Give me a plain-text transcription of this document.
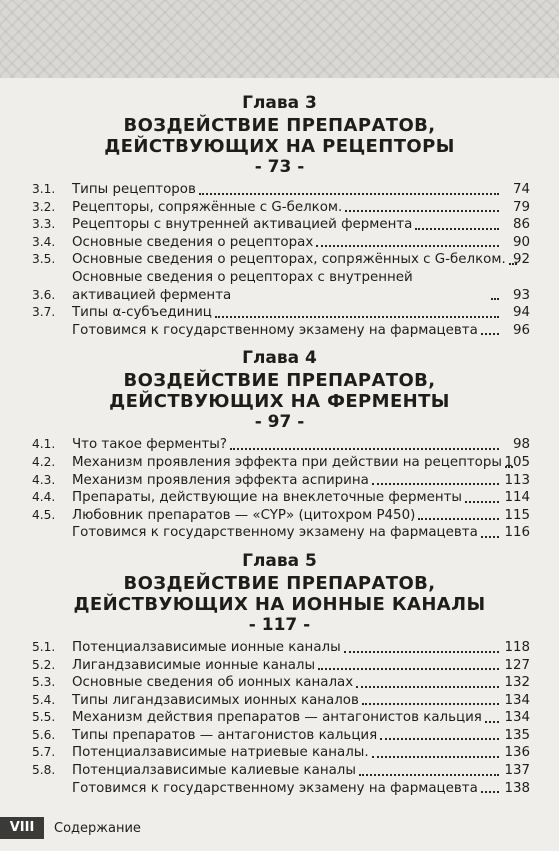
Глава 3
ВОЗДЕЙСТВИЕ ПРЕПАРАТОВ,
ДЕЙСТВУЮЩИХ НА РЕЦЕПТОРЫ
- 73 -
3.1.	Типы рецепторов	74
3.2.	Рецепторы, сопряжённые с G-белком.	79
3.3.	Рецепторы с внутренней активацией фермента	86
3.4.	Основные сведения о рецепторах	90
3.5.	Основные сведения о рецепторах, сопряжённых с G-белком. 92
3.6.
Основные сведения о рецепторах с внутренней активацией фермента	93
3.7.	Типы α-субъединиц	94
Готовимся к государственному экзамену на фармацевта	96
Глава 4
ВОЗДЕЙСТВИЕ ПРЕПАРАТОВ,
ДЕЙСТВУЮЩИХ НА ФЕРМЕНТЫ
- 97 -
4.1.	Что такое ферменты?	98
4.2.	Механизм проявления эффекта при действии на рецепторы 105
4.3.	Механизм проявления эффекта аспирина	113
4.4.	Препараты, действующие на внеклеточные ферменты	114
4.5.	Любовник препаратов — «CYP» (цитохром P450)	115
Готовимся к государственному экзамену на фармацевта 116
Глава 5
ВОЗДЕЙСТВИЕ ПРЕПАРАТОВ,
ДЕЙСТВУЮЩИХ НА ИОННЫЕ КАНАЛЫ
- 117 -
5.1.	Потенциалзависимые ионные каналы	118
5.2.	Лигандзависимые ионные каналы	127
5.3.	Основные сведения об ионных каналах	132
5.4.	Типы лигандзависимых ионных каналов	134
5.5.	Механизм действия препаратов — антагонистов кальция 134
5.6.	Типы препаратов — антагонистов кальция	135
5.7.	Потенциалзависимые натриевые каналы.	136
5.8.	Потенциалзависимые калиевые каналы	137
Готовимся к государственному экзамену на фармацевта 138
VIII	Содержание
